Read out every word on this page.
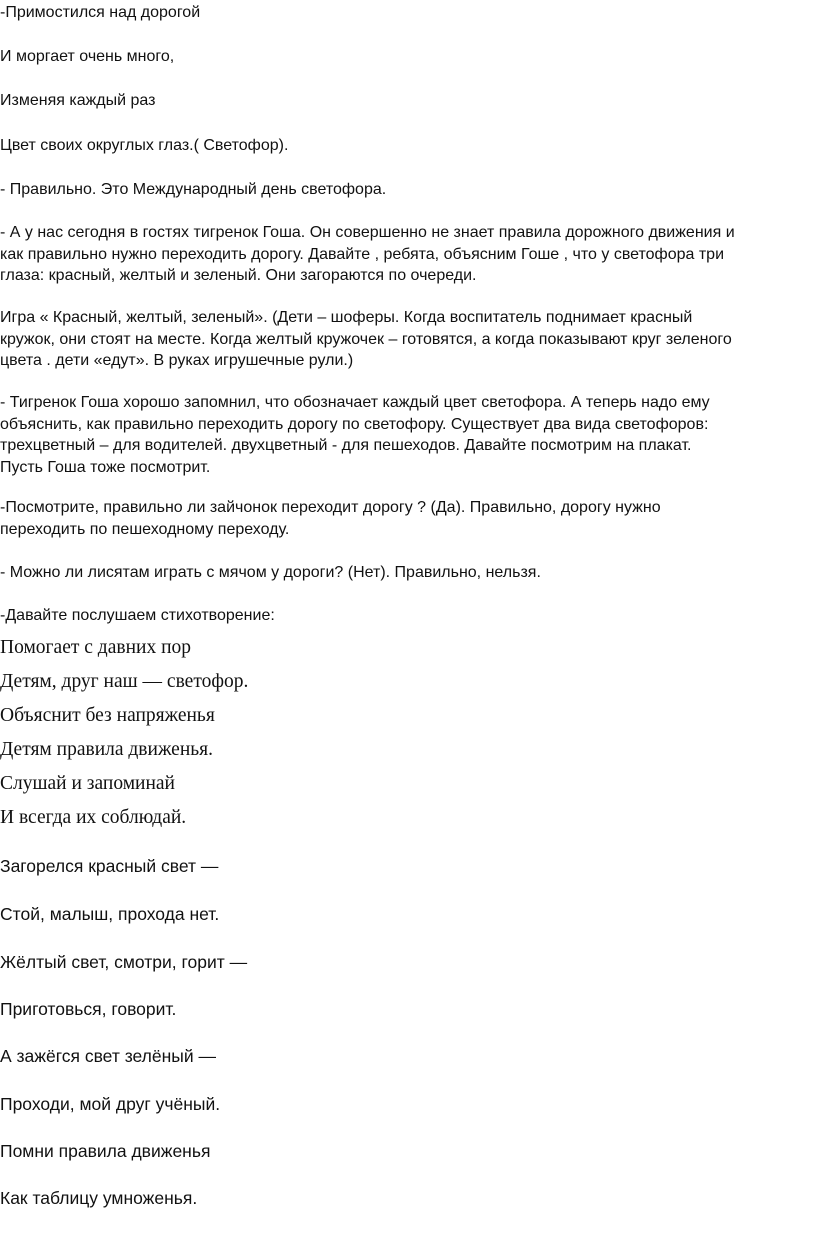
-Примостился над дорогой

И моргает очень много,

Изменяя каждый раз

Цвет своих округлых глаз.( Светофор).

- Правильно. Это Международный день светофора.

- А у нас сегодня в гостях тигренок Гоша. Он совершенно не знает правила дорожного движения и
как правильно нужно переходить дорогу. Давайте , ребята, объясним Гоше , что у светофора три
глаза: красный, желтый и зеленый. Они загораются по очереди.
Игра « Красный, желтый, зеленый». (Дети – шоферы. Когда воспитатель поднимает красный
кружок, они стоят на месте. Когда желтый кружочек – готовятся, а когда показывают круг зеленого
цвета . дети «едут». В руках игрушечные рули.)
- Тигренок Гоша хорошо запомнил, что обозначает каждый цвет светофора. А теперь надо ему
объяснить, как правильно переходить дорогу по светофору. Существует два вида светофоров:
трехцветный – для водителей. двухцветный - для пешеходов. Давайте посмотрим на плакат.
Пусть Гоша тоже посмотрит.
-Посмотрите, правильно ли зайчонок переходит дорогу ? (Да). Правильно, дорогу нужно
переходить по пешеходному переходу.

- Можно ли лисятам играть с мячом у дороги? (Нет). Правильно, нельзя.

-Давайте послушаем стихотворение:

Помогает с давних пор

Детям, друг наш — светофор.

Объяснит без напряженья

Детям правила движенья.

Слушай и запоминай

И всегда их соблюдай.

Загорелся красный свет —

Стой, малыш, прохода нет.

Жёлтый свет, смотри, горит —

Приготовься, говорит.

А зажёгся свет зелёный —

Проходи, мой друг учёный.

Помни правила движенья

Как таблицу умноженья.
